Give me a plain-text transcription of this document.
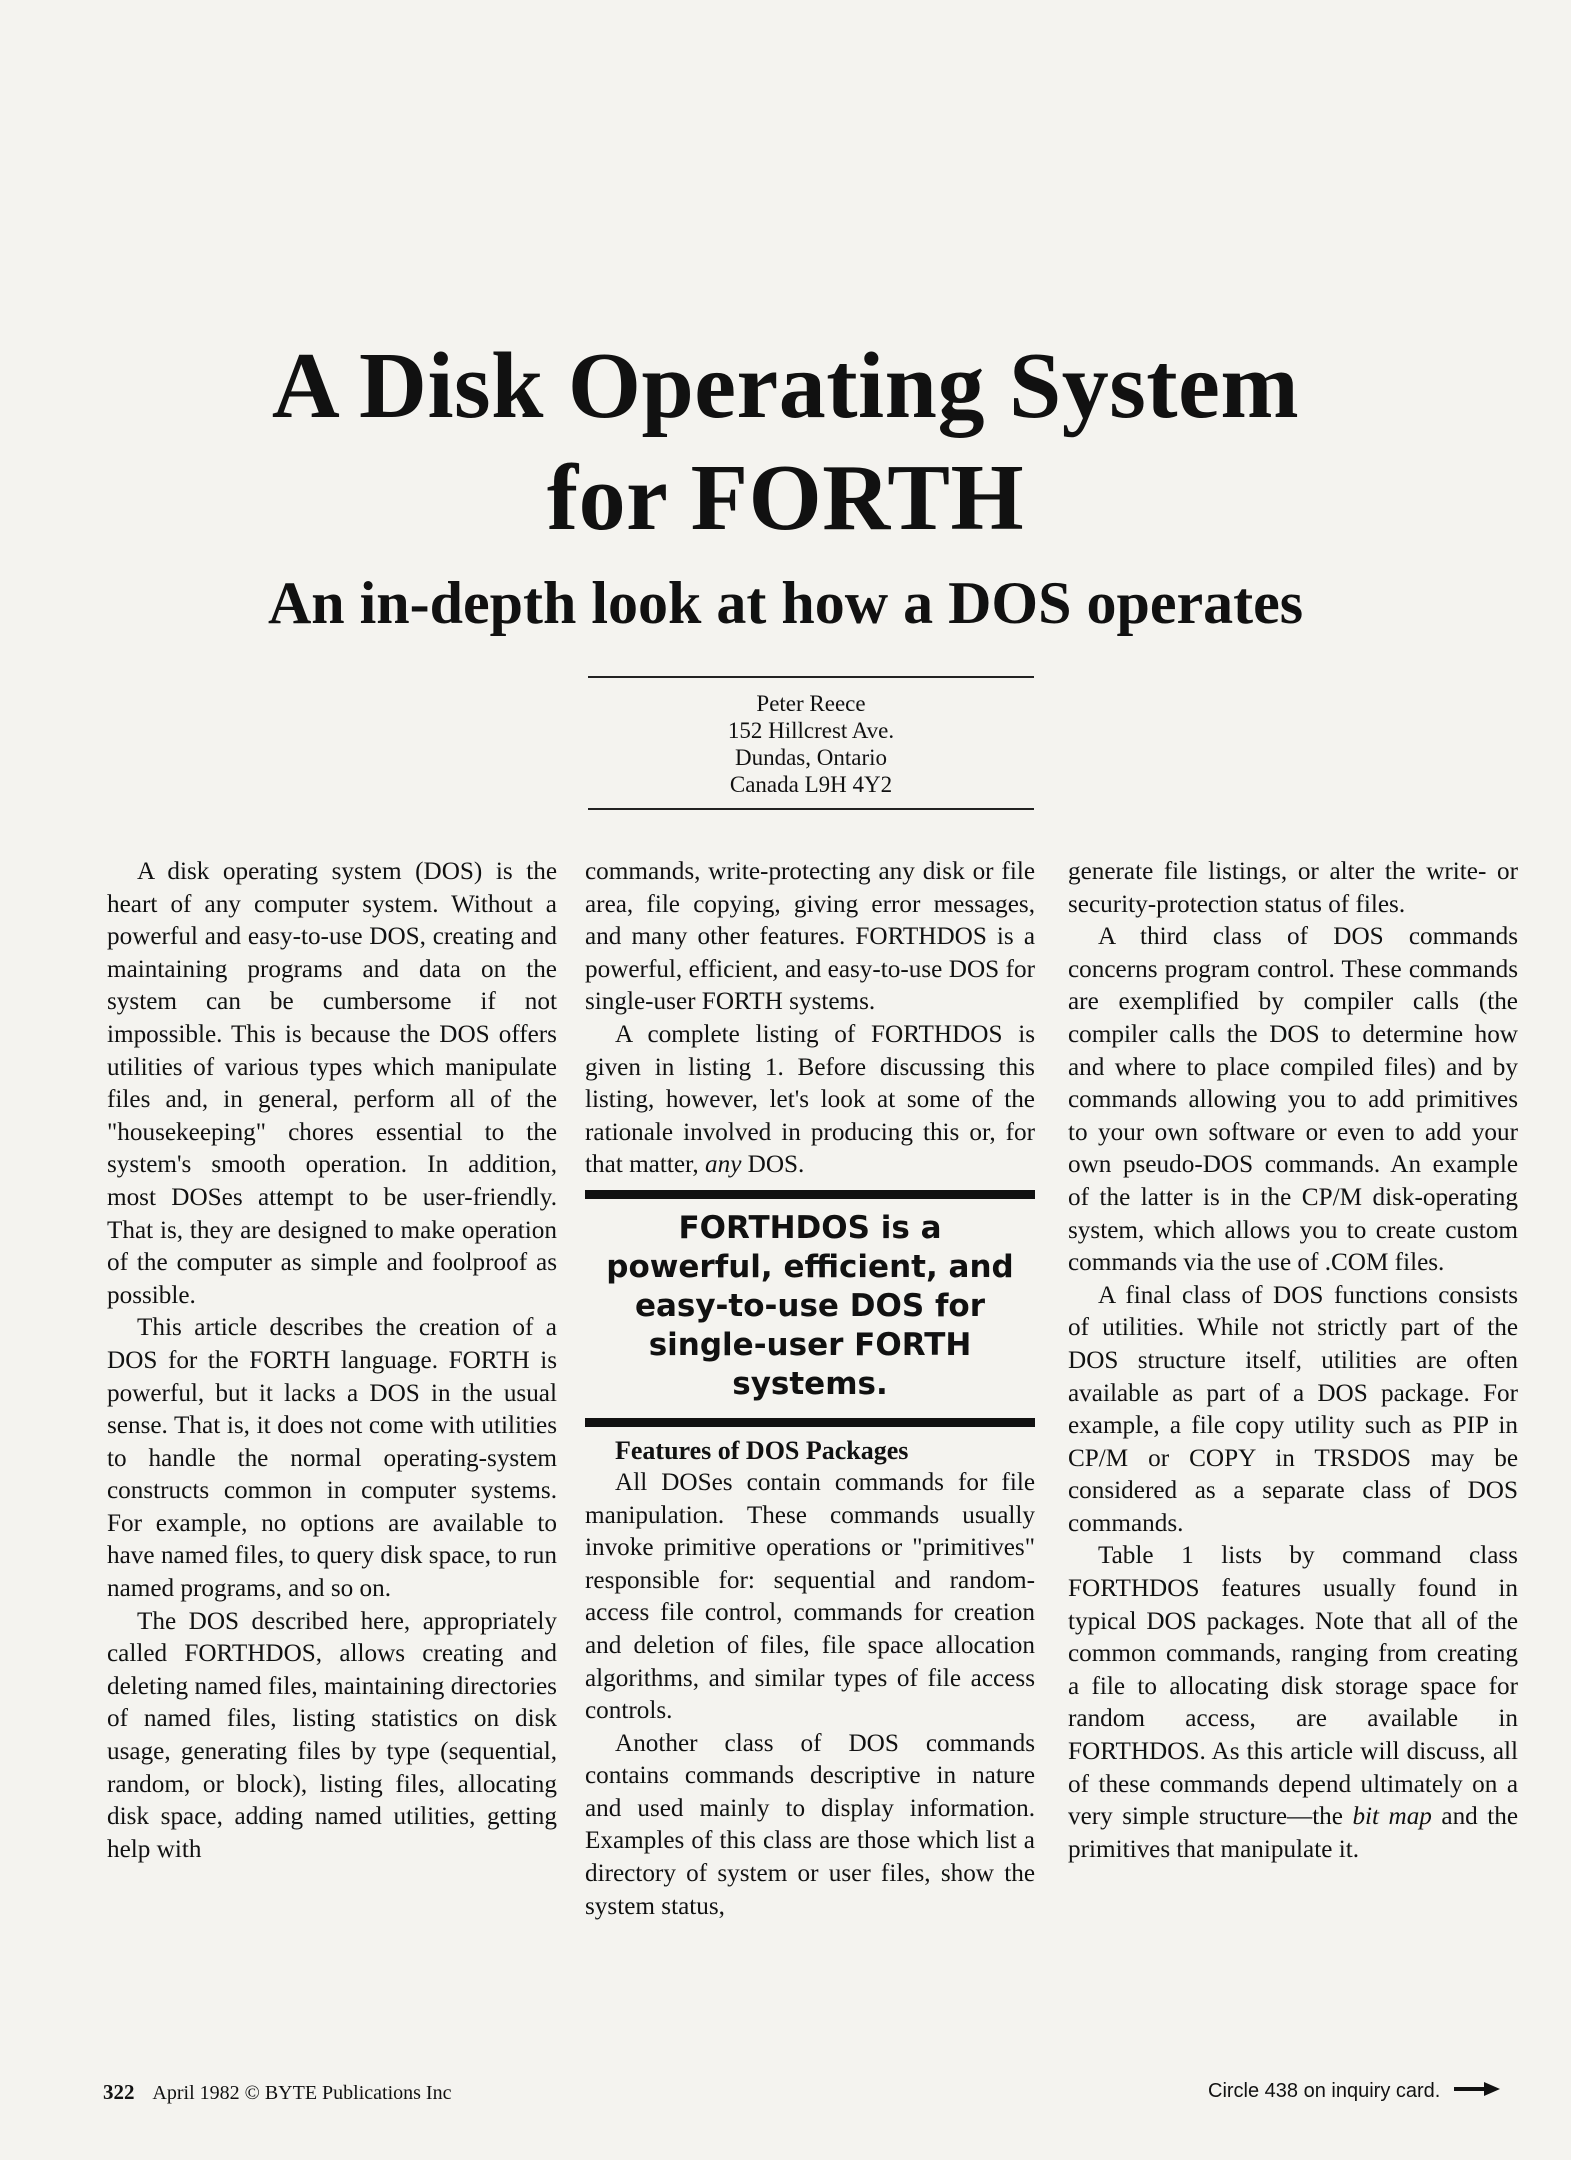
A Disk Operating System
for FORTH
An in-depth look at how a DOS operates
Peter Reece
152 Hillcrest Ave.
Dundas, Ontario
Canada L9H 4Y2

A disk operating system (DOS) is the heart of any computer system. Without a powerful and easy-to-use DOS, creating and maintaining programs and data on the system can be cumbersome if not impossible. This is because the DOS offers utilities of various types which manipulate files and, in general, perform all of the "housekeeping" chores essential to the system's smooth operation. In addition, most DOSes attempt to be user-friendly. That is, they are designed to make operation of the computer as simple and foolproof as possible.

This article describes the creation of a DOS for the FORTH language. FORTH is powerful, but it lacks a DOS in the usual sense. That is, it does not come with utilities to handle the normal operating-system constructs common in computer systems. For example, no options are available to have named files, to query disk space, to run named programs, and so on.

The DOS described here, appropriately called FORTHDOS, allows creating and deleting named files, maintaining directories of named files, listing statistics on disk usage, generating files by type (sequential, random, or block), listing files, allocating disk space, adding named utilities, getting help with

commands, write-protecting any disk or file area, file copying, giving error messages, and many other features. FORTHDOS is a powerful, efficient, and easy-to-use DOS for single-user FORTH systems.

A complete listing of FORTHDOS is given in listing 1. Before discussing this listing, however, let's look at some of the rationale involved in producing this or, for that matter, any DOS.

FORTHDOS is a powerful, efficient, and easy-to-use DOS for single-user FORTH systems.

Features of DOS Packages

All DOSes contain commands for file manipulation. These commands usually invoke primitive operations or "primitives" responsible for: sequential and random-access file control, commands for creation and deletion of files, file space allocation algorithms, and similar types of file access controls.

Another class of DOS commands contains commands descriptive in nature and used mainly to display information. Examples of this class are those which list a directory of system or user files, show the system status,

generate file listings, or alter the write- or security-protection status of files.

A third class of DOS commands concerns program control. These commands are exemplified by compiler calls (the compiler calls the DOS to determine how and where to place compiled files) and by commands allowing you to add primitives to your own software or even to add your own pseudo-DOS commands. An example of the latter is in the CP/M disk-operating system, which allows you to create custom commands via the use of .COM files.

A final class of DOS functions consists of utilities. While not strictly part of the DOS structure itself, utilities are often available as part of a DOS package. For example, a file copy utility such as PIP in CP/M or COPY in TRSDOS may be considered as a separate class of DOS commands.

Table 1 lists by command class FORTHDOS features usually found in typical DOS packages. Note that all of the common commands, ranging from creating a file to allocating disk storage space for random access, are available in FORTHDOS. As this article will discuss, all of these commands depend ultimately on a very simple structure—the bit map and the primitives that manipulate it.

322 April 1982 © BYTE Publications Inc	Circle 438 on inquiry card.
